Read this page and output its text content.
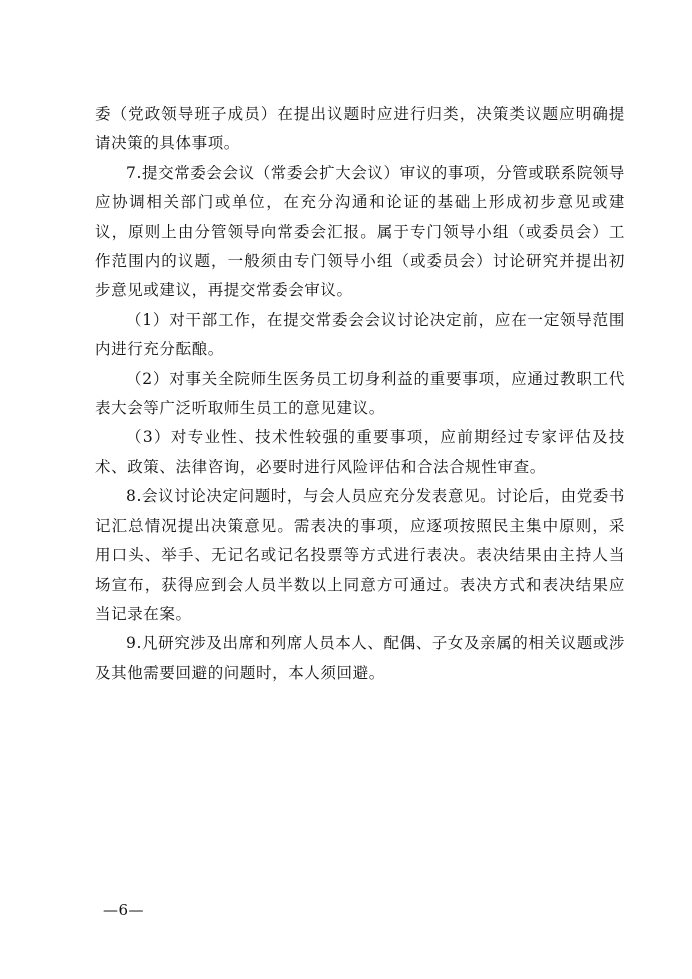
委（党政领导班子成员）在提出议题时应进行归类，决策类议题应明确提请决策的具体事项。

7.提交常委会会议（常委会扩大会议）审议的事项，分管或联系院领导应协调相关部门或单位，在充分沟通和论证的基础上形成初步意见或建议，原则上由分管领导向常委会汇报。属于专门领导小组（或委员会）工作范围内的议题，一般须由专门领导小组（或委员会）讨论研究并提出初步意见或建议，再提交常委会审议。

（1）对干部工作，在提交常委会会议讨论决定前，应在一定领导范围内进行充分酝酿。

（2）对事关全院师生医务员工切身利益的重要事项，应通过教职工代表大会等广泛听取师生员工的意见建议。

（3）对专业性、技术性较强的重要事项，应前期经过专家评估及技术、政策、法律咨询，必要时进行风险评估和合法合规性审查。

8.会议讨论决定问题时，与会人员应充分发表意见。讨论后，由党委书记汇总情况提出决策意见。需表决的事项，应逐项按照民主集中原则，采用口头、举手、无记名或记名投票等方式进行表决。表决结果由主持人当场宣布，获得应到会人员半数以上同意方可通过。表决方式和表决结果应当记录在案。

9.凡研究涉及出席和列席人员本人、配偶、子女及亲属的相关议题或涉及其他需要回避的问题时，本人须回避。

—6—
